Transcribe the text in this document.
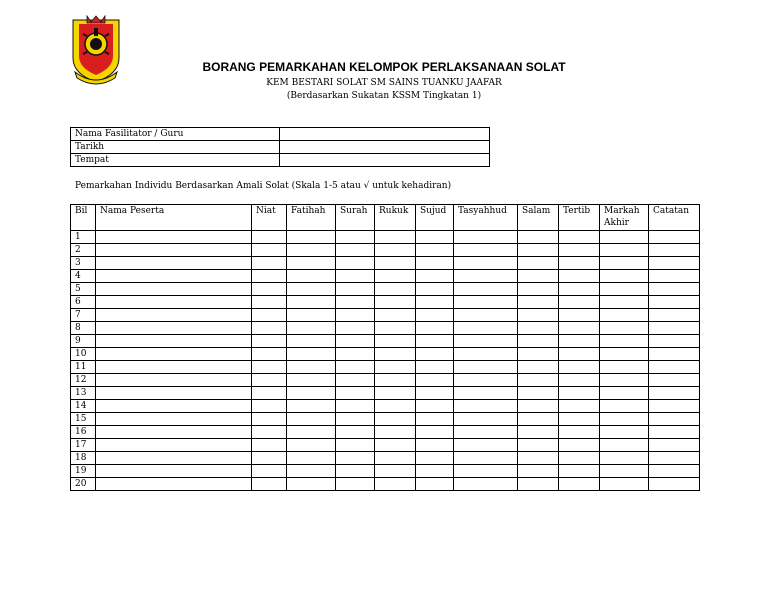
BORANG PEMARKAHAN KELOMPOK PERLAKSANAAN SOLAT
KEM BESTARI SOLAT SM SAINS TUANKU JAAFAR
(Berdasarkan Sukatan KSSM Tingkatan 1)
Nama Fasilitator / Guru	
Tarikh	
Tempat	
Pemarkahan Individu Berdasarkan Amali Solat (Skala 1-5 atau √ untuk kehadiran)
Bil	Nama Peserta	Niat	Fatihah	Surah	Rukuk	Sujud	Tasyahhud	Salam	Tertib	Markah Akhir	Catatan
1											
2											
3											
4											
5											
6											
7											
8											
9											
10											
11											
12											
13											
14											
15											
16											
17											
18											
19											
20											
